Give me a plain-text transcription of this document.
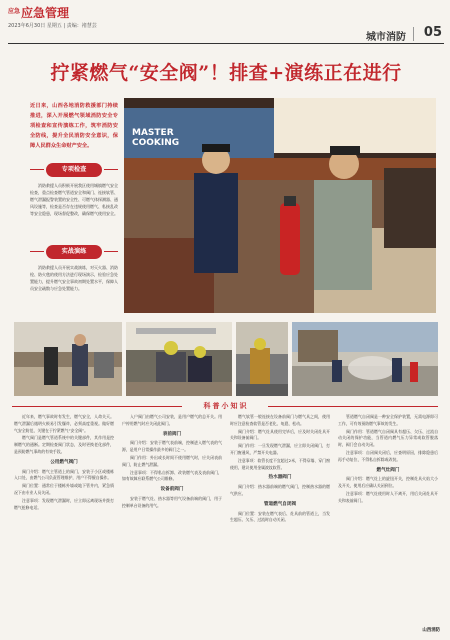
$^{应急}$应急管理
2023年6月30日 星期五 | 责编：褚慧芸
城市消防 05
拧紧燃气“安全阀”！排查+演练正在进行
近日来，山西各地消防救援部门持续推进，深入开展燃气领域消防安全专项检查和宣传演练工作，筑牢消防安全防线，提升全民消防安全意识，保障人民群众生命财产安全。
专项检查
消防救援人员积极开展我区使用城镇燃气安全检查，重点检查燃气管道安全和阀门、连接软管、燃气泄漏报警装置的安全性、可燃气体探测器、通风设施等，检查是否存在违规使用燃气、私接乱改等安全隐患，现场督促整改，确保燃气使用安全。
实战演练
消防救援人员开展实战演练，对灭火器、消防栓、防火毯的使用方法进行现场演示，检验应急处置能力，提升燃气安全事故初期处置水平，保障人员安全疏散与应急处置能力。
MASTER COOKING
科普小知识

近年来，燃气事故时有发生，燃气安全，人命关天。燃气泄漏后遇明火极易引发爆炸，必须高度重视。做好燃气安全防范，关键在于拧紧燃气“安全阀”。

燃气阀门是燃气管道系统中的关键部件，其作用是控制燃气的通断。定期检查阀门状态，及时更换老化部件，是预防燃气事故的有效手段。

公用燃气阀门

阀门介绍：燃气主管道上的阀门，安装于小区或楼栋入口处，由燃气公司负责管理维护，用户不得擅自操作。

阀门位置：通常位于楼栋外墙或地下管井内，紧急情况下由专业人员关闭。

注意事项：发现燃气泄漏时，应立即远离现场并拨打燃气抢修电话。

入户阀门由燃气公司安装，是用户燃气的总开关。用户停用燃气时应关闭此阀门。

表前阀门

阀门介绍：安装于燃气表前端，控制进入燃气表的气源，是用户日常操作最多的阀门之一。

阀门作用：外出或长时间不使用燃气时，应关闭表前阀门，防止燃气泄漏。

注意事项：不得私自拆卸、改装燃气表及表前阀门，如有故障应联系燃气公司维修。

设备前阀门

安装于燃气灶、热水器等用气设备前端的阀门，用于控制单台设备的用气。

燃气软管一般连接在设备前阀门与燃气具之间，使用时应注意检查软管是否老化、龟裂、松动。

阀门介绍：燃气灶具使用完毕后，应及时关闭灶具开关和设备前阀门。

阀门作用：一旦发现燃气泄漏，应立即关闭阀门，打开门窗通风，严禁开关电器。

注意事项：软管长度不宜超过2米，不得穿墙、穿门窗使用，建议使用金属波纹软管。

热水器阀门

阀门介绍：热水器前端的燃气阀门，控制热水器的燃气供应。

管道燃气自闭阀

阀门位置：安装在燃气表后、灶具前的管道上，当发生超压、欠压、过流时自动关闭。

管道燃气自闭阀是一种安全保护装置，无需电源即可工作，可有效预防燃气事故的发生。

阀门作用：管道燃气自闭阀具有超压、欠压、过流自动关闭的保护功能，当管道内燃气压力异常或软管脱落时，阀门会自动关闭。

注意事项：自闭阀关闭后，应查明原因，排除隐患后再手动复位，不得私自拆除或改装。

燃气灶阀门

阀门介绍：燃气灶上的旋钮开关，控制灶具火焰大小及开关，使用后应确认关闭到位。

注意事项：燃气灶使用时人不离开，用后关闭灶具开关和表前阀门。

山西消防
